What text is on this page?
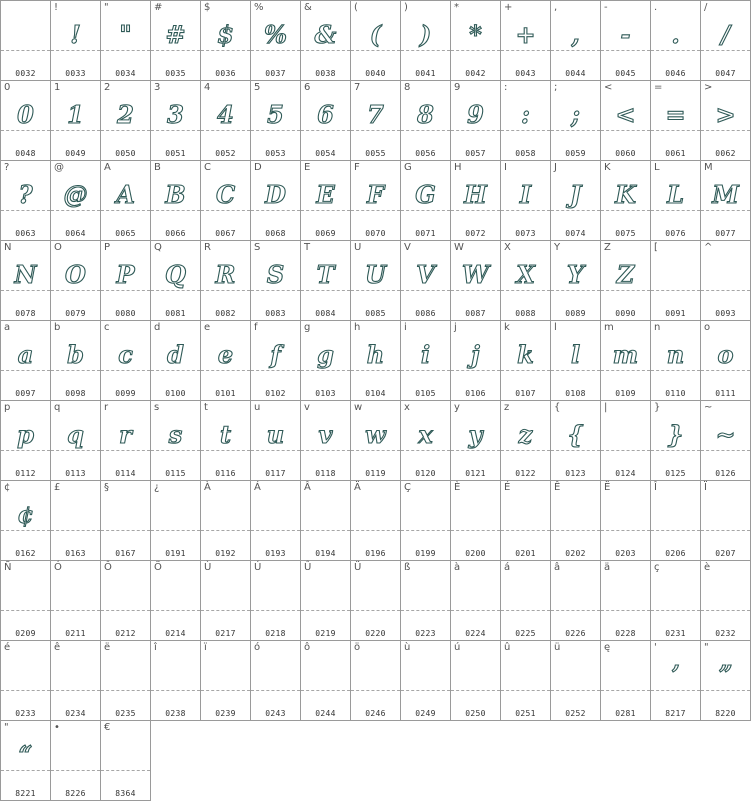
0032
!
!
0033
"
"
0034
#
#
0035
$
$
0036
%
%
0037
&
&
0038
(
(
0040
)
)
0041
*
*
0042
+
+
0043
,
,
0044
-
-
0045
.
.
0046
/
/
0047
0
0
0048
1
1
0049
2
2
0050
3
3
0051
4
4
0052
5
5
0053
6
6
0054
7
7
0055
8
8
0056
9
9
0057
:
:
0058
;
;
0059
<
<
0060
=
=
0061
>
>
0062
?
?
0063
@
@
0064
A
A
0065
B
B
0066
C
C
0067
D
D
0068
E
E
0069
F
F
0070
G
G
0071
H
H
0072
I
I
0073
J
J
0074
K
K
0075
L
L
0076
M
M
0077
N
N
0078
O
O
0079
P
P
0080
Q
Q
0081
R
R
0082
S
S
0083
T
T
0084
U
U
0085
V
V
0086
W
W
0087
X
X
0088
Y
Y
0089
Z
Z
0090
[
0091
^
0093
a
a
0097
b
b
0098
c
c
0099
d
d
0100
e
e
0101
f
f
0102
g
g
0103
h
h
0104
i
i
0105
j
j
0106
k
k
0107
l
l
0108
m
m
0109
n
n
0110
o
o
0111
p
p
0112
q
q
0113
r
r
0114
s
s
0115
t
t
0116
u
u
0117
v
v
0118
w
w
0119
x
x
0120
y
y
0121
z
z
0122
{
{
0123
|
0124
}
}
0125
~
~
0126
¢
¢
0162
£
0163
§
0167
¿
0191
À
0192
Á
0193
Â
0194
Ä
0196
Ç
0199
È
0200
É
0201
Ê
0202
Ë
0203
Î
0206
Ï
0207
Ñ
0209
Ó
0211
Ô
0212
Ö
0214
Ù
0217
Ú
0218
Û
0219
Ü
0220
ß
0223
à
0224
á
0225
â
0226
ä
0228
ç
0231
è
0232
é
0233
ê
0234
ë
0235
î
0238
ï
0239
ó
0243
ô
0244
ö
0246
ù
0249
ú
0250
û
0251
ü
0252
ę
0281
'
’
8217
"
”
8220
"
“
8221
•
8226
€
8364
